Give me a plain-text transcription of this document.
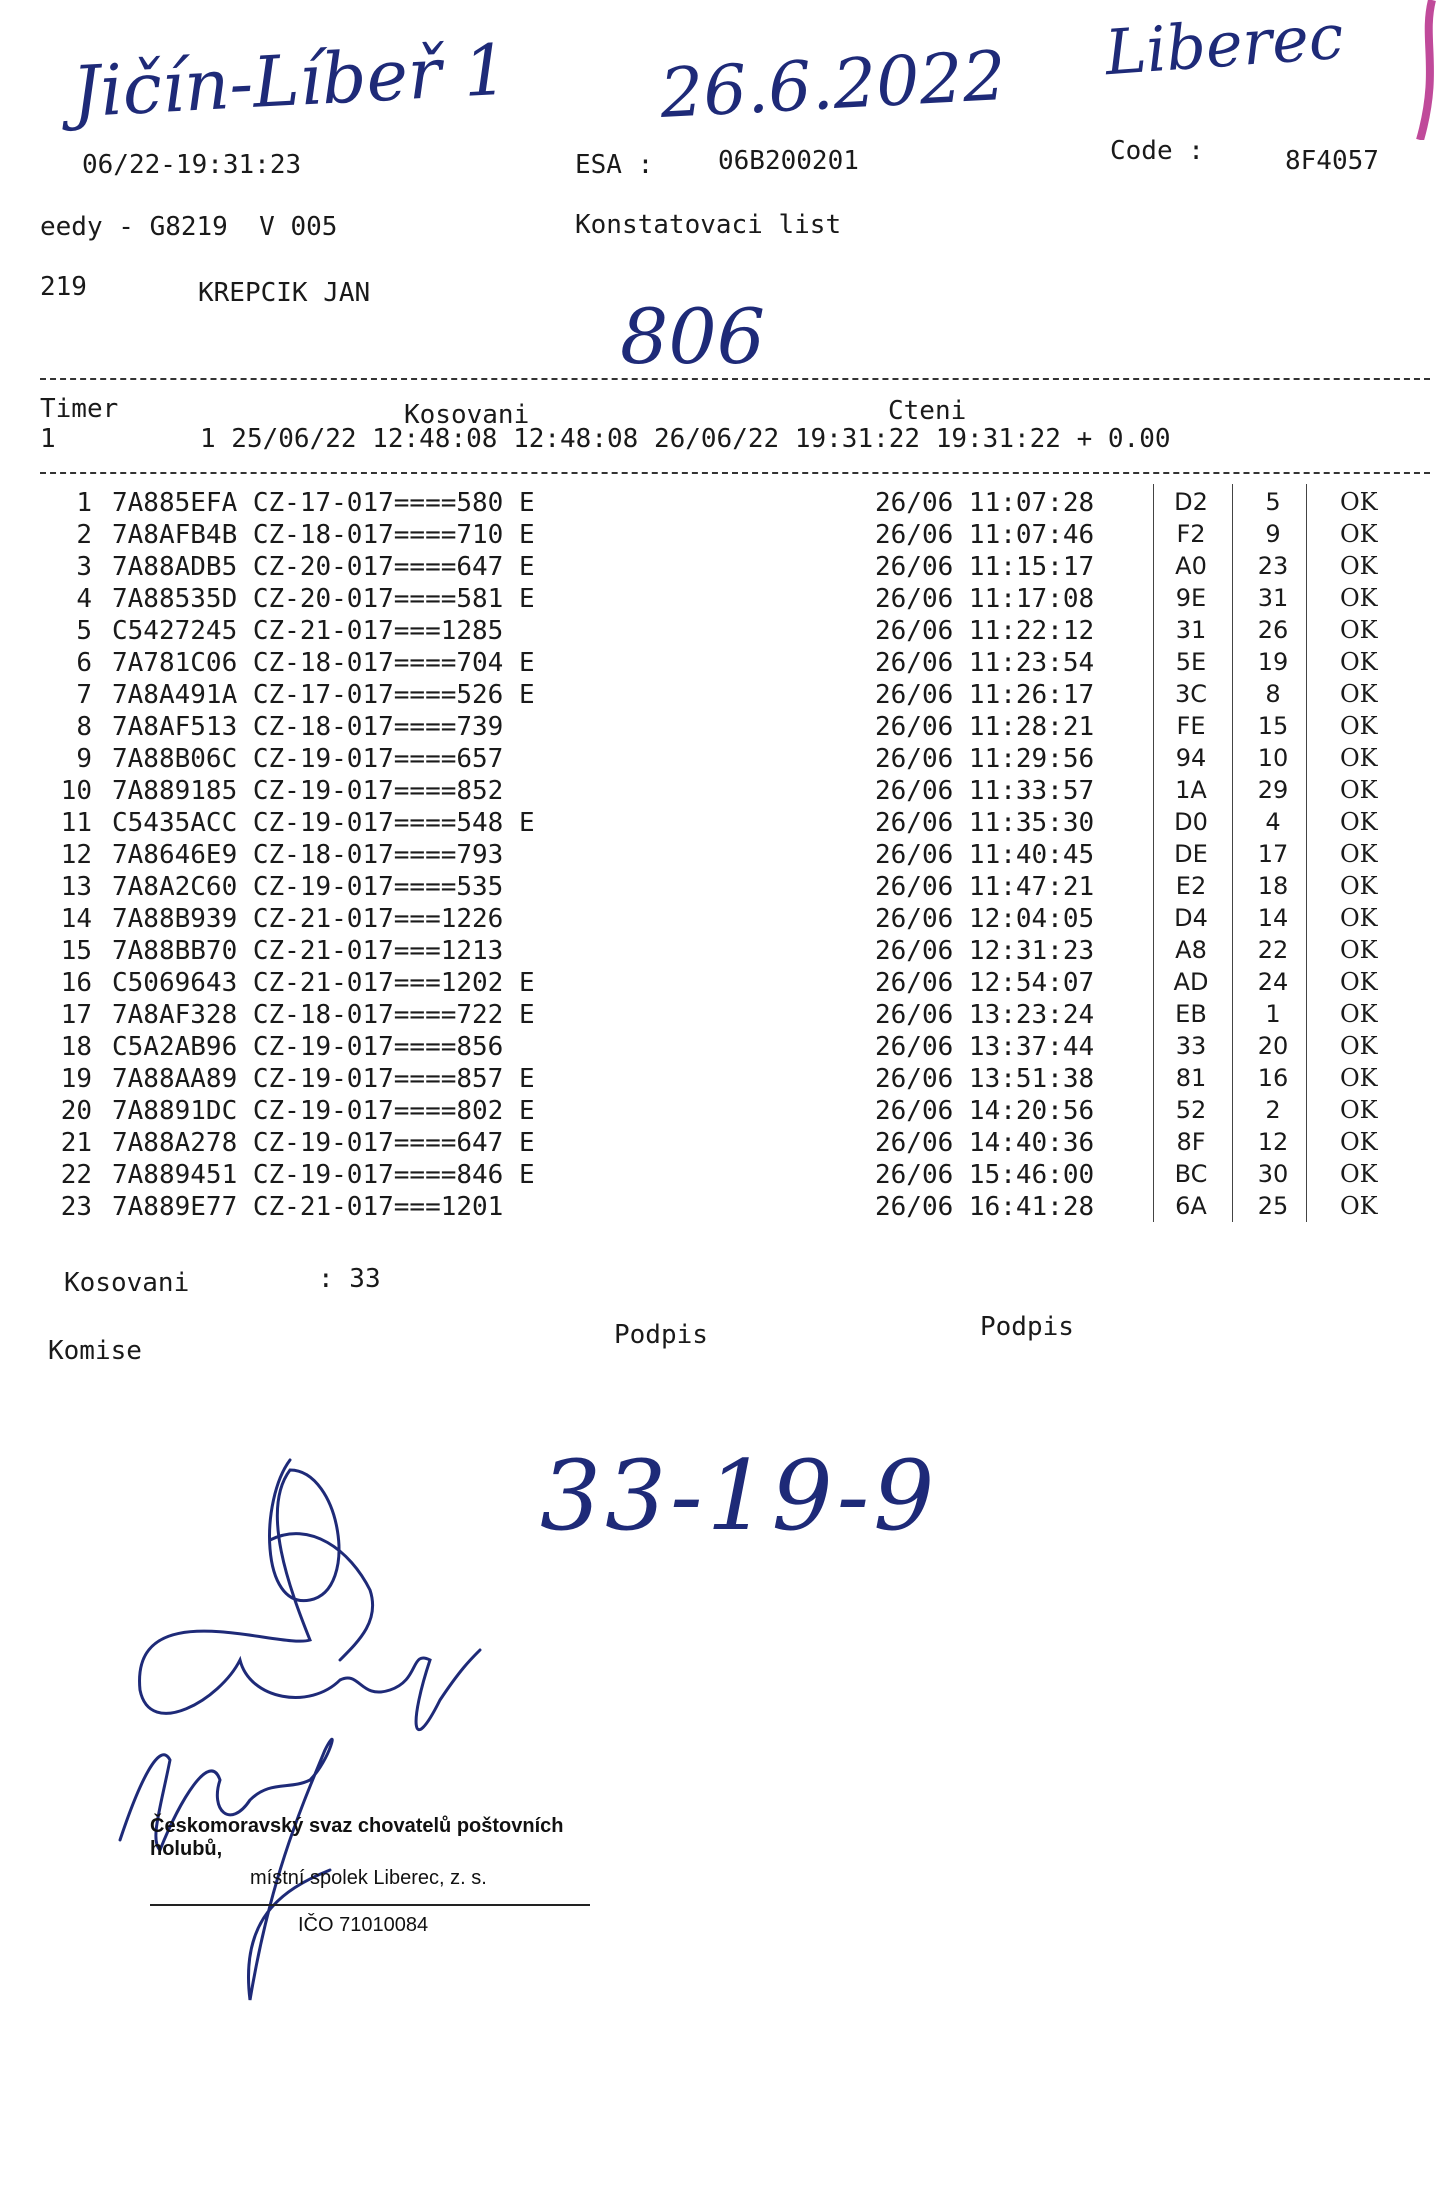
Jičín-Líbeř 1 26.6.2022 Liberec
06/22-19:31:23	ESA : 06B200201	Code :	8F4057
eedy - G8219  V 005	Konstatovaci list
219	KREPCIK JAN	806
Timer
1
Kosovani	Cteni
1 25/06/22 12:48:08 12:48:08 26/06/22 19:31:22 19:31:22 + 0.00
1 7A885EFA CZ-17-017====580 E	26/06 11:07:28	D2	5	OK
2 7A8AFB4B CZ-18-017====710 E	26/06 11:07:46	F2	9	OK
3 7A88ADB5 CZ-20-017====647 E	26/06 11:15:17	A0	23	OK
4 7A88535D CZ-20-017====581 E	26/06 11:17:08	9E	31	OK
5 C5427245 CZ-21-017===1285	26/06 11:22:12	31	26	OK
6 7A781C06 CZ-18-017====704 E	26/06 11:23:54	5E	19	OK
7 7A8A491A CZ-17-017====526 E	26/06 11:26:17	3C	8	OK
8 7A8AF513 CZ-18-017====739	26/06 11:28:21	FE	15	OK
9 7A88B06C CZ-19-017====657	26/06 11:29:56	94	10	OK
10 7A889185 CZ-19-017====852	26/06 11:33:57	1A	29	OK
11 C5435ACC CZ-19-017====548 E	26/06 11:35:30	D0	4	OK
12 7A8646E9 CZ-18-017====793	26/06 11:40:45	DE	17	OK
13 7A8A2C60 CZ-19-017====535	26/06 11:47:21	E2	18	OK
14 7A88B939 CZ-21-017===1226	26/06 12:04:05	D4	14	OK
15 7A88BB70 CZ-21-017===1213	26/06 12:31:23	A8	22	OK
16 C5069643 CZ-21-017===1202 E	26/06 12:54:07	AD	24	OK
17 7A8AF328 CZ-18-017====722 E	26/06 13:23:24	EB	1	OK
18 C5A2AB96 CZ-19-017====856	26/06 13:37:44	33	20	OK
19 7A88AA89 CZ-19-017====857 E	26/06 13:51:38	81	16	OK
20 7A8891DC CZ-19-017====802 E	26/06 14:20:56	52	2	OK
21 7A88A278 CZ-19-017====647 E	26/06 14:40:36	8F	12	OK
22 7A889451 CZ-19-017====846 E	26/06 15:46:00	BC	30	OK
23 7A889E77 CZ-21-017===1201	26/06 16:41:28	6A	25	OK
Kosovani	: 33
Komise
Podpis	Podpis
33-19-9
Českomoravský svaz chovatelů poštovních holubů,
místní spolek Liberec, z. s.
IČO 71010084
